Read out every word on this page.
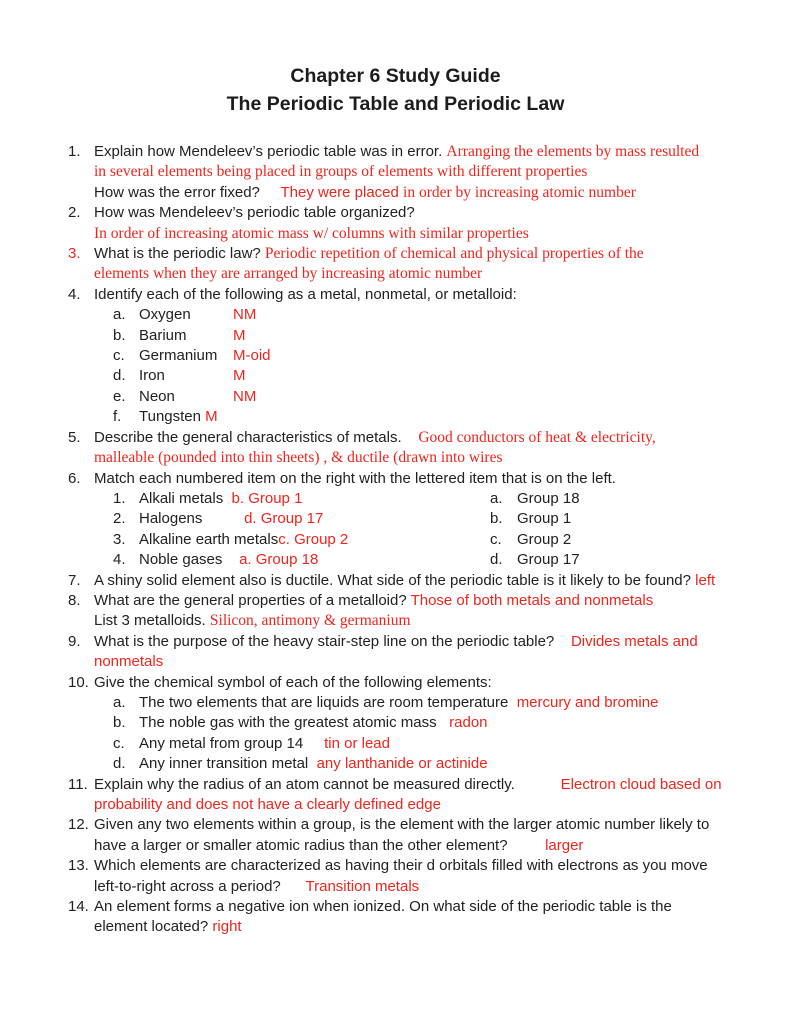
Chapter 6 Study Guide
The Periodic Table and Periodic Law
1. Explain how Mendeleev’s periodic table was in error. Arranging the elements by mass resulted
in several elements being placed in groups of elements with different properties
How was the error fixed?     They were placed in order by increasing atomic number
2. How was Mendeleev’s periodic table organized?
In order of increasing atomic mass w/ columns with similar properties
3. What is the periodic law? Periodic repetition of chemical and physical properties of the
elements when they are arranged by increasing atomic number
4. Identify each of the following as a metal, nonmetal, or metalloid:
a. Oxygen	NM
b. Barium	M
c. Germanium M-oid
d. Iron	M
e. Neon	NM
f. Tungsten M
5. Describe the general characteristics of metals.    Good conductors of heat & electricity,
malleable (pounded into thin sheets) , & ductile (drawn into wires
6. Match each numbered item on the right with the lettered item that is on the left.
1. Alkali metals  b. Group 1	a. Group 18
2. Halogens          d. Group 17	b. Group 1
3. Alkaline earth metalsc. Group 2	c. Group 2
4. Noble gases    a. Group 18	d. Group 17
7. A shiny solid element also is ductile. What side of the periodic table is it likely to be found? left
8. What are the general properties of a metalloid? Those of both metals and nonmetals
List 3 metalloids. Silicon, antimony & germanium
9. What is the purpose of the heavy stair-step line on the periodic table?    Divides metals and
nonmetals
10. Give the chemical symbol of each of the following elements:
a. The two elements that are liquids are room temperature  mercury and bromine
b. The noble gas with the greatest atomic mass   radon
c. Any metal from group 14     tin or lead
d. Any inner transition metal  any lanthanide or actinide
11. Explain why the radius of an atom cannot be measured directly.           Electron cloud based on
probability and does not have a clearly defined edge
12. Given any two elements within a group, is the element with the larger atomic number likely to
have a larger or smaller atomic radius than the other element?         larger
13. Which elements are characterized as having their d orbitals filled with electrons as you move
left-to-right across a period?      Transition metals
14. An element forms a negative ion when ionized. On what side of the periodic table is the
element located? right
